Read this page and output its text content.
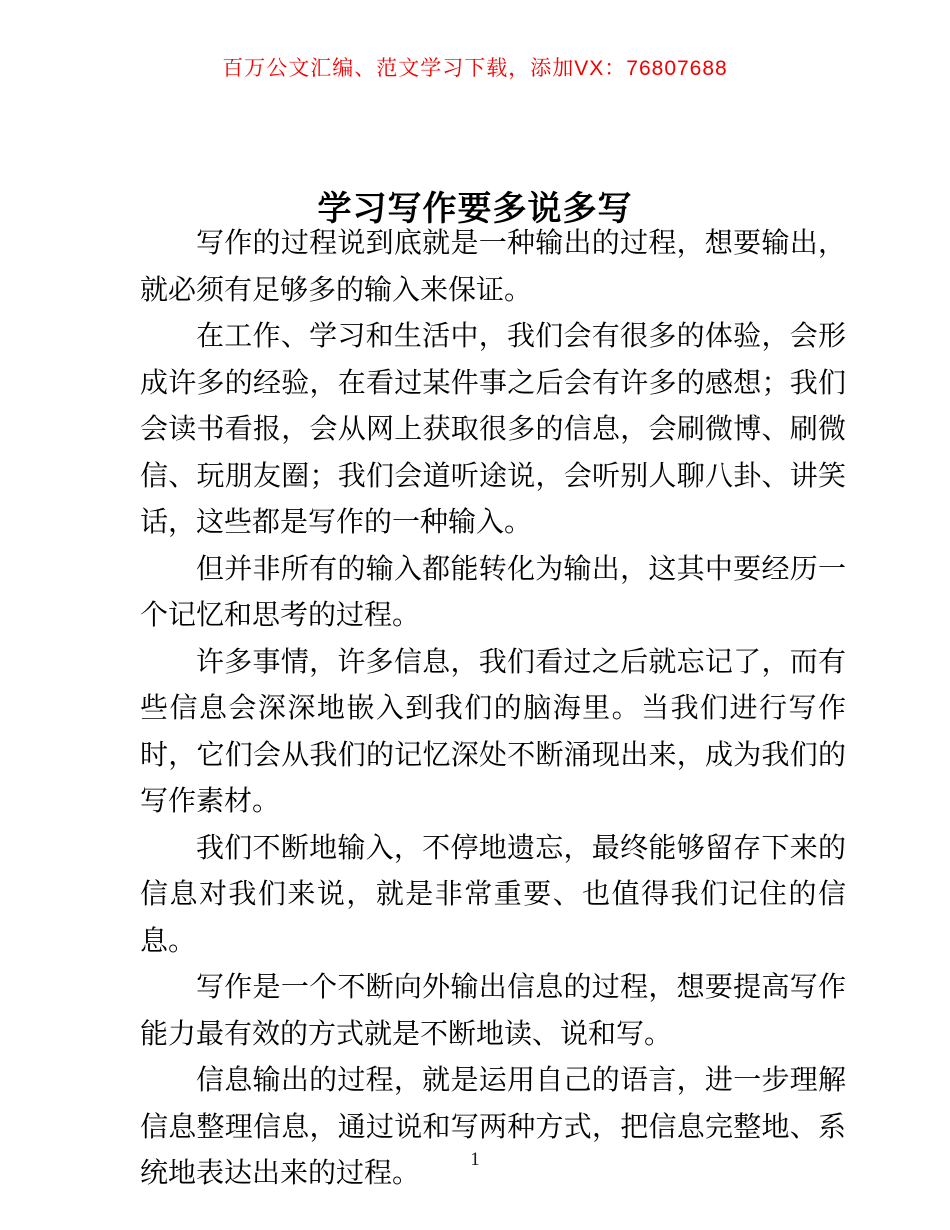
百万公文汇编、范文学习下载，添加VX：76807688
学习写作要多说多写

写作的过程说到底就是一种输出的过程，想要输出，就必须有足够多的输入来保证。

在工作、学习和生活中，我们会有很多的体验，会形成许多的经验，在看过某件事之后会有许多的感想；我们会读书看报，会从网上获取很多的信息，会刷微博、刷微信、玩朋友圈；我们会道听途说，会听别人聊八卦、讲笑话，这些都是写作的一种输入。

但并非所有的输入都能转化为输出，这其中要经历一个记忆和思考的过程。

许多事情，许多信息，我们看过之后就忘记了，而有些信息会深深地嵌入到我们的脑海里。当我们进行写作时，它们会从我们的记忆深处不断涌现出来，成为我们的写作素材。

我们不断地输入，不停地遗忘，最终能够留存下来的信息对我们来说，就是非常重要、也值得我们记住的信息。

写作是一个不断向外输出信息的过程，想要提高写作能力最有效的方式就是不断地读、说和写。

信息输出的过程，就是运用自己的语言，进一步理解信息整理信息，通过说和写两种方式，把信息完整地、系统地表达出来的过程。	1
